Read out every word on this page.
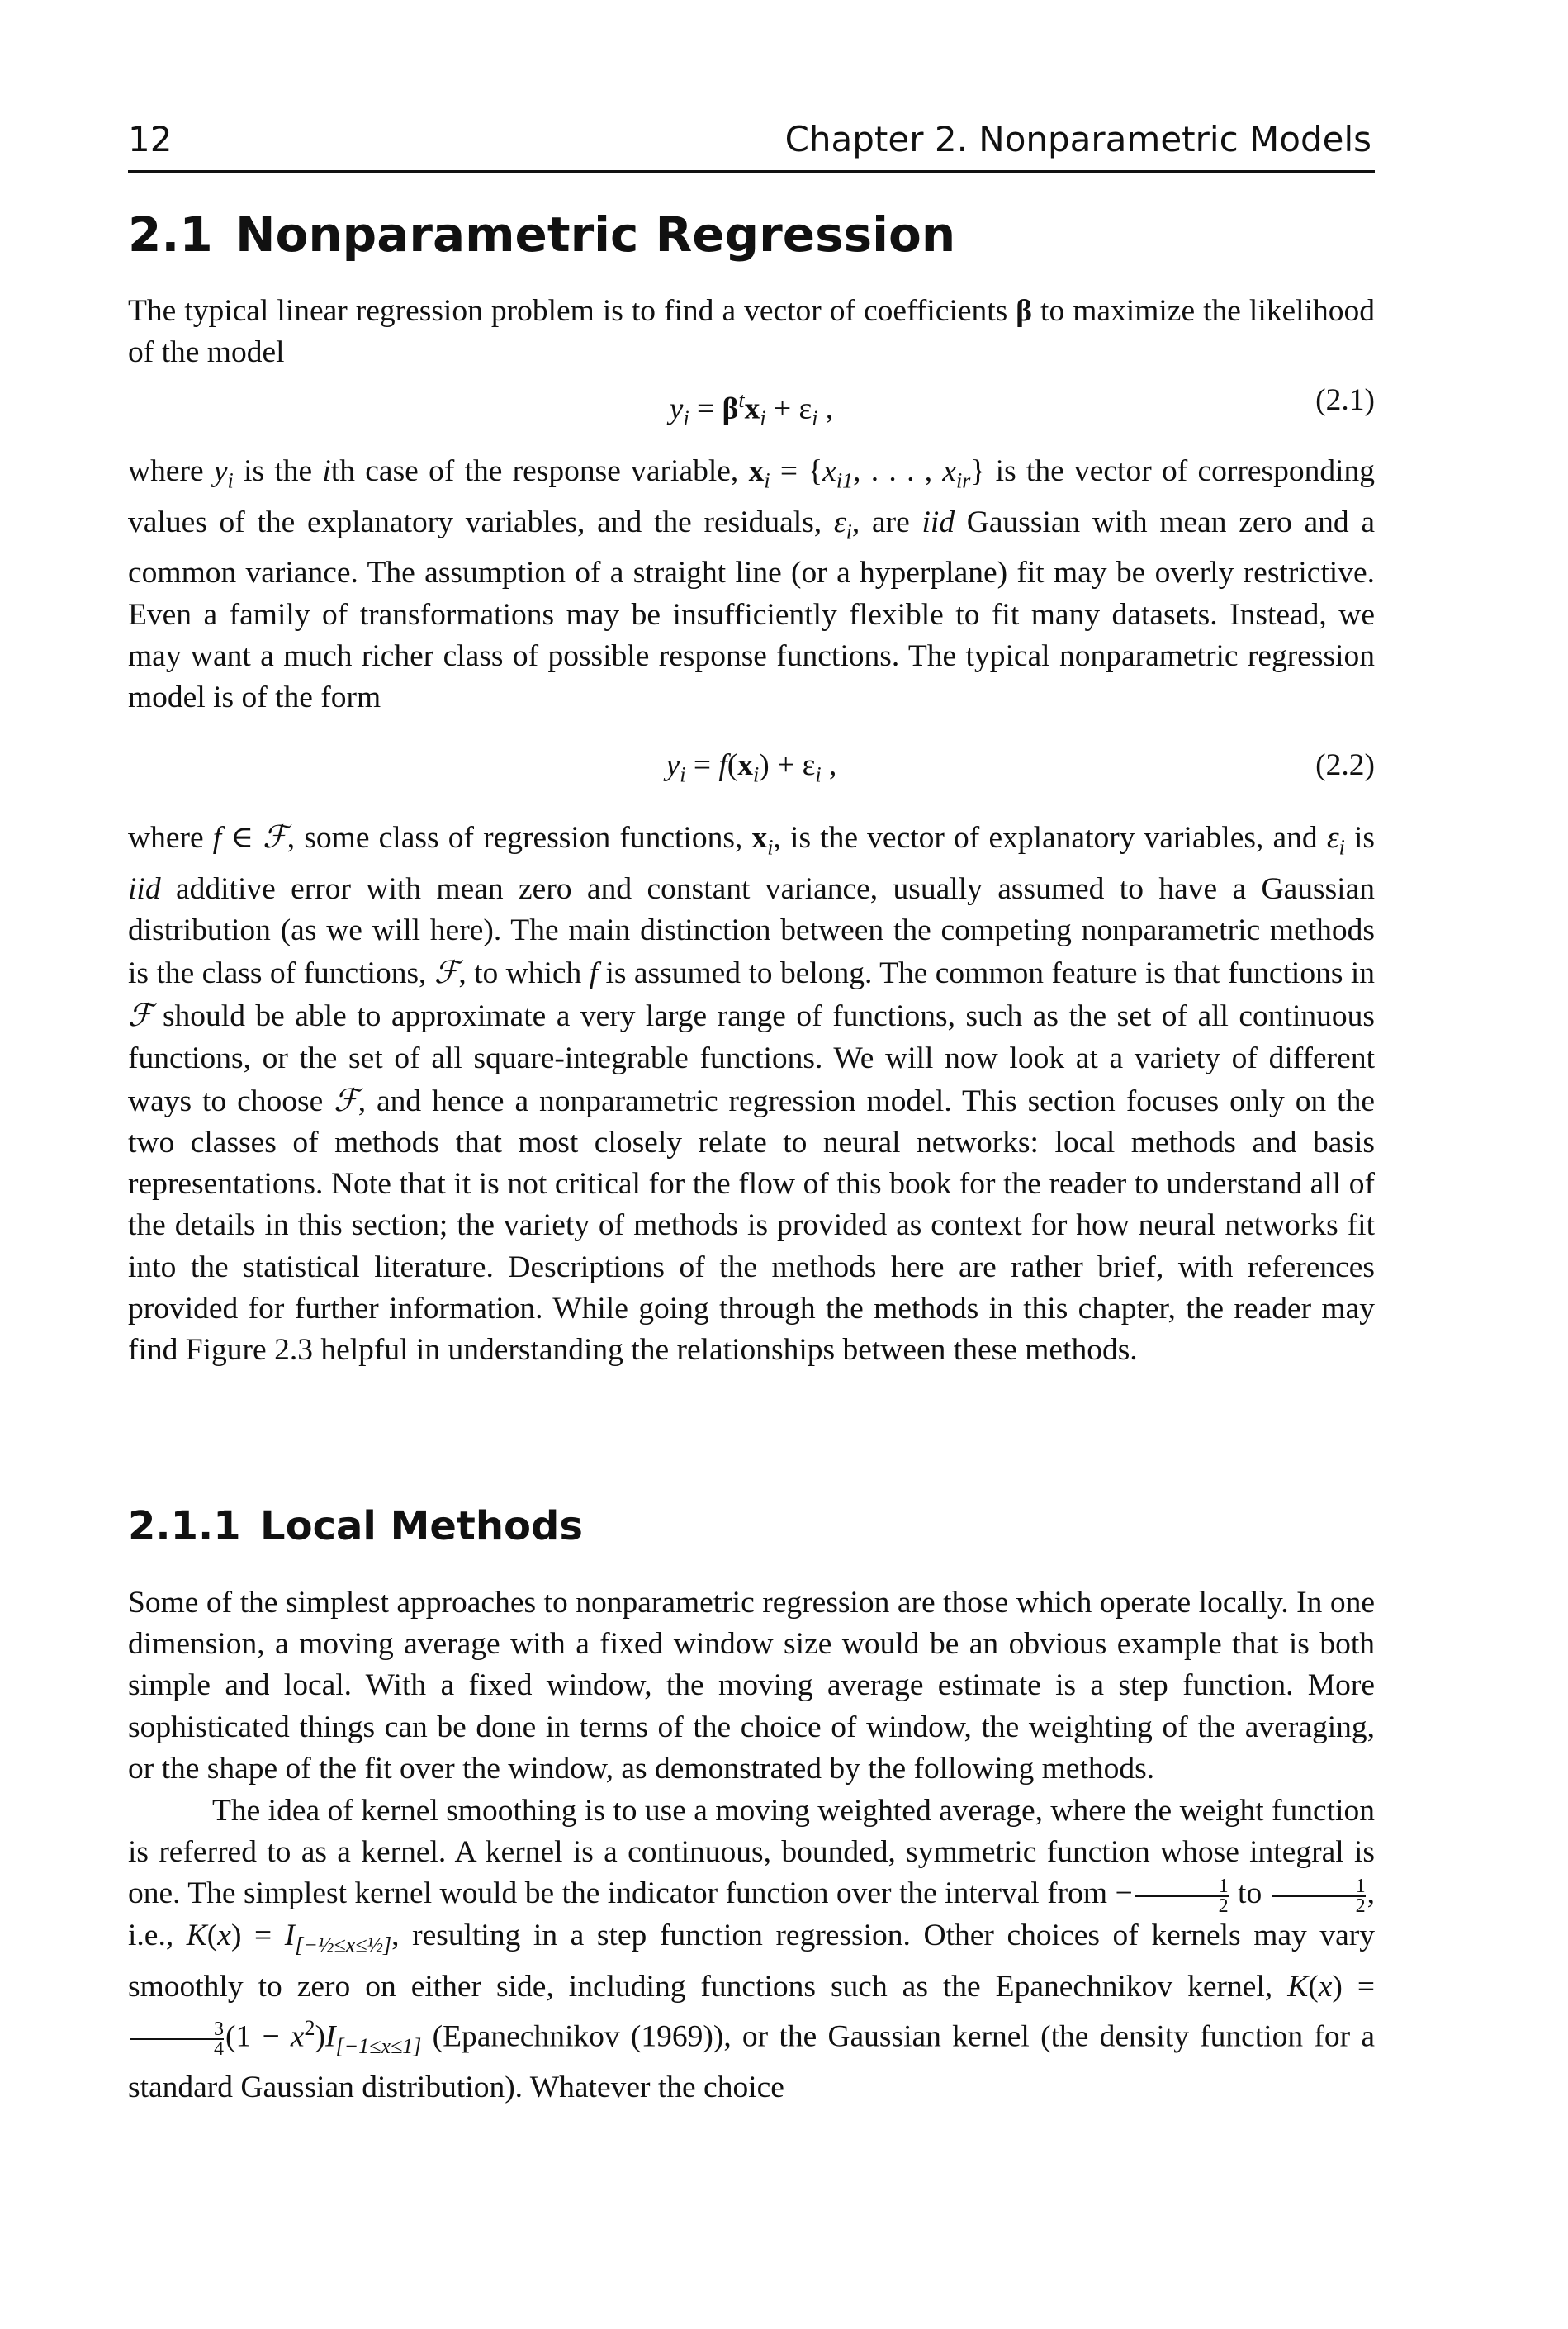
12	Chapter 2. Nonparametric Models
2.1 Nonparametric Regression

The typical linear regression problem is to find a vector of coefficients β to maximize the likelihood of the model

$y_i = \beta^tx_i + \varepsilon_i$ ,	(2.1)

where $y_i$ is the ith case of the response variable, $x_i = \{x_{i1}$, . . . , $x_{ir}$} is the vector of corresponding values of the explanatory variables, and the residuals, $\varepsilon_i$, are iid Gaussian with mean zero and a common variance. The assumption of a straight line (or a hyperplane) fit may be overly restrictive. Even a family of transformations may be insufficiently flexible to fit many datasets. Instead, we may want a much richer class of possible response functions. The typical nonparametric regression model is of the form

$y_i = f(x_i) + \varepsilon_i$ ,	(2.2)

where f ∈ ℱ, some class of regression functions, $x_i$, is the vector of explanatory variables, and $\varepsilon_i$ is iid additive error with mean zero and constant variance, usually assumed to have a Gaussian distribution (as we will here). The main distinction between the competing nonparametric methods is the class of functions, ℱ, to which f is assumed to belong. The common feature is that functions in ℱ should be able to approximate a very large range of functions, such as the set of all continuous functions, or the set of all square-integrable functions. We will now look at a variety of different ways to choose ℱ, and hence a nonparametric regression model. This section focuses only on the two classes of methods that most closely relate to neural networks: local methods and basis representations. Note that it is not critical for the flow of this book for the reader to understand all of the details in this section; the variety of methods is provided as context for how neural networks fit into the statistical literature. Descriptions of the methods here are rather brief, with references provided for further information. While going through the methods in this chapter, the reader may find Figure 2.3 helpful in understanding the relationships between these methods.

2.1.1 Local Methods

Some of the simplest approaches to nonparametric regression are those which operate locally. In one dimension, a moving average with a fixed window size would be an obvious example that is both simple and local. With a fixed window, the moving average estimate is a step function. More sophisticated things can be done in terms of the choice of window, the weighting of the averaging, or the shape of the fit over the window, as demonstrated by the following methods.

The idea of kernel smoothing is to use a moving weighted average, where the weight function is referred to as a kernel. A kernel is a continuous, bounded, symmetric function whose integral is one. The simplest kernel would be the indicator function over the interval from − $\frac{1}{2}$ to $\frac{1}{2}$ , i.e., $K(x) = I_{[-\frac{1}{2}\le x\le\frac{1}{2}]}$, resulting in a step function regression. Other choices of kernels may vary smoothly to zero on either side, including functions such as the Epanechnikov kernel, K(x) =
$\frac{3}{4} (1 - x^2)I_{[-1\le x\le 1]}$ (Epanechnikov (1969)), or the Gaussian kernel (the density function for a standard Gaussian distribution). Whatever the choice
